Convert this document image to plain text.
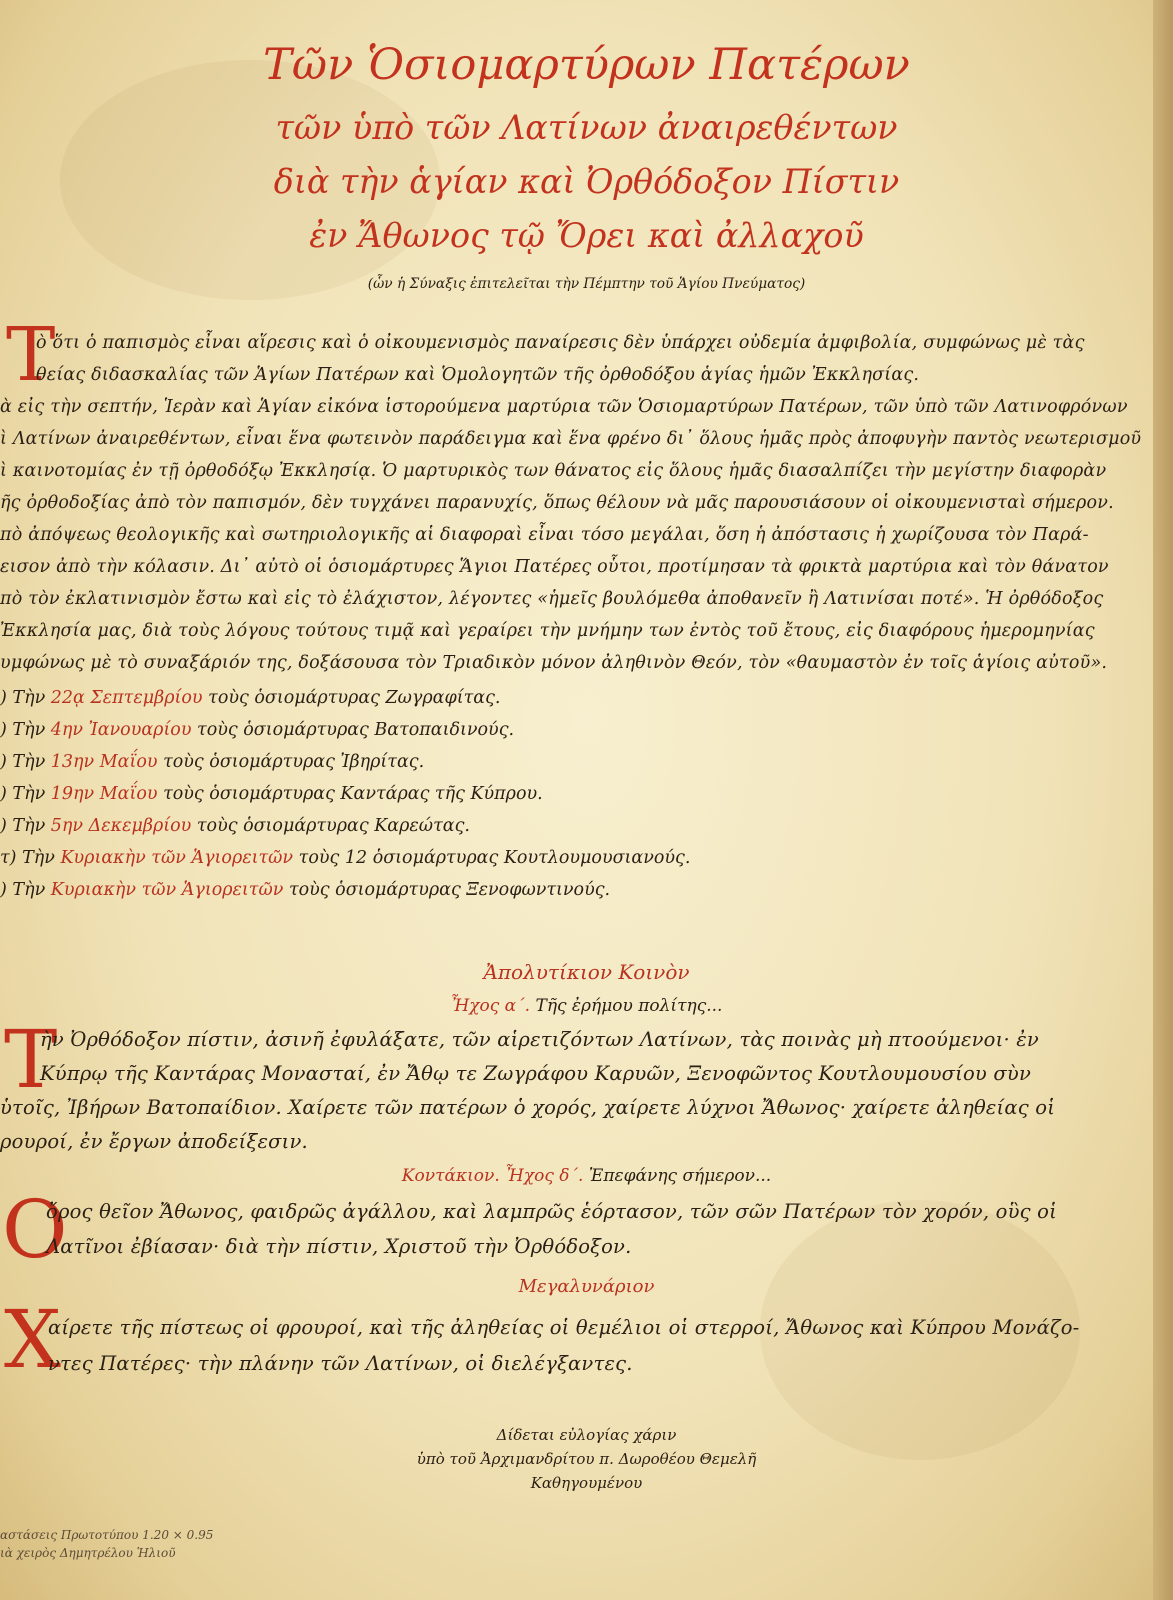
Τῶν Ὁσιομαρτύρων Πατέρων
τῶν ὑπὸ τῶν Λατίνων ἀναιρεθέντων
διὰ τὴν ἁγίαν καὶ Ὀρθόδοξον Πίστιν
ἐν Ἄθωνος τῷ Ὄρει καὶ ἀλλαχοῦ
(ὧν ἡ Σύναξις ἐπιτελεῖται τὴν Πέμπτην τοῦ Ἁγίου Πνεύματος)
Τ
ὸ ὅτι ὁ παπισμὸς εἶναι αἵρεσις καὶ ὁ οἰκουμενισμὸς παναίρεσις δὲν ὑπάρχει οὐδεμία ἀμφιβολία, συμφώνως μὲ τὰς
θείας διδασκαλίας τῶν Ἁγίων Πατέρων καὶ Ὁμολογητῶν τῆς ὀρθοδόξου ἁγίας ἡμῶν Ἐκκλησίας.
ὰ εἰς τὴν σεπτήν, Ἱερὰν καὶ Ἁγίαν εἰκόνα ἱστορούμενα μαρτύρια τῶν Ὁσιομαρτύρων Πατέρων, τῶν ὑπὸ τῶν Λατινοφρόνων
ὶ Λατίνων ἀναιρεθέντων, εἶναι ἕνα φωτεινὸν παράδειγμα καὶ ἕνα φρένο δι᾽ ὅλους ἡμᾶς πρὸς ἀποφυγὴν παντὸς νεωτερισμοῦ
ὶ καινοτομίας ἐν τῇ ὀρθοδόξῳ Ἐκκλησίᾳ. Ὁ μαρτυρικὸς των θάνατος εἰς ὅλους ἡμᾶς διασαλπίζει τὴν μεγίστην διαφορὰν
ῆς ὀρθοδοξίας ἀπὸ τὸν παπισμόν, δὲν τυγχάνει παρανυχίς, ὅπως θέλουν νὰ μᾶς παρουσιάσουν οἱ οἰκουμενισταὶ σήμερον.
πὸ ἀπόψεως θεολογικῆς καὶ σωτηριολογικῆς αἱ διαφοραὶ εἶναι τόσο μεγάλαι, ὅση ἡ ἀπόστασις ἡ χωρίζουσα τὸν Παρά-
εισον ἀπὸ τὴν κόλασιν. Δι᾽ αὐτὸ οἱ ὁσιομάρτυρες Ἅγιοι Πατέρες οὗτοι, προτίμησαν τὰ φρικτὰ μαρτύρια καὶ τὸν θάνατον
πὸ τὸν ἐκλατινισμὸν ἔστω καὶ εἰς τὸ ἐλάχιστον, λέγοντες «ἡμεῖς βουλόμεθα ἀποθανεῖν ἢ Λατινίσαι ποτέ». Ἡ ὀρθόδοξος
Ἐκκλησία μας, διὰ τοὺς λόγους τούτους τιμᾷ καὶ γεραίρει τὴν μνήμην των ἐντὸς τοῦ ἔτους, εἰς διαφόρους ἡμερομηνίας
υμφώνως μὲ τὸ συναξάριόν της, δοξάσουσα τὸν Τριαδικὸν μόνον ἀληθινὸν Θεόν, τὸν «θαυμαστὸν ἐν τοῖς ἁγίοις αὐτοῦ».
) Τὴν 22ᾳ Σεπτεμβρίου τοὺς ὁσιομάρτυρας Ζωγραφίτας.
) Τὴν 4ην Ἰανουαρίου τοὺς ὁσιομάρτυρας Βατοπαιδινούς.
) Τὴν 13ην Μαΐου τοὺς ὁσιομάρτυρας Ἰβηρίτας.
) Τὴν 19ην Μαΐου τοὺς ὁσιομάρτυρας Καντάρας τῆς Κύπρου.
) Τὴν 5ην Δεκεμβρίου τοὺς ὁσιομάρτυρας Καρεώτας.
τ) Τὴν Κυριακὴν τῶν Ἁγιορειτῶν τοὺς 12 ὁσιομάρτυρας Κουτλουμουσιανούς.
) Τὴν Κυριακὴν τῶν Ἁγιορειτῶν τοὺς ὁσιομάρτυρας Ξενοφωντινούς.
Ἀπολυτίκιον Κοινὸν
Ἦχος α΄. Τῆς ἐρήμου πολίτης...
Τ
ὴν Ὀρθόδοξον πίστιν, ἀσινῆ ἐφυλάξατε, τῶν αἱρετιζόντων Λατίνων, τὰς ποινὰς μὴ πτοούμενοι· ἐν
Κύπρῳ τῆς Καντάρας Μονασταί, ἐν Ἄθῳ τε Ζωγράφου Καρυῶν, Ξενοφῶντος Κουτλουμουσίου σὺν
ὑτοῖς, Ἰβήρων Βατοπαίδιον. Χαίρετε τῶν πατέρων ὁ χορός, χαίρετε λύχνοι Ἄθωνος· χαίρετε ἀληθείας οἱ
ρουροί, ἐν ἔργων ἀποδείξεσιν.
Κοντάκιον. Ἦχος δ΄. Ἐπεφάνης σήμερον...
Ο
ὄρος θεῖον Ἄθωνος, φαιδρῶς ἀγάλλου, καὶ λαμπρῶς ἑόρτασον, τῶν σῶν Πατέρων τὸν χορόν, οὓς οἱ
Λατῖνοι ἐβίασαν· διὰ τὴν πίστιν, Χριστοῦ τὴν Ὀρθόδοξον.
Μεγαλυνάριον
Χ
αίρετε τῆς πίστεως οἱ φρουροί, καὶ τῆς ἀληθείας οἱ θεμέλιοι οἱ στερροί, Ἄθωνος καὶ Κύπρου Μονάζο-
ντες Πατέρες· τὴν πλάνην τῶν Λατίνων, οἱ διελέγξαντες.
Δίδεται εὐλογίας χάριν
ὑπὸ τοῦ Ἀρχιμανδρίτου π. Δωροθέου Θεμελῆ
Καθηγουμένου
αστάσεις Πρωτοτύπου 1.20 × 0.95
ιὰ χειρὸς Δημητρέλου Ἡλιοῦ
